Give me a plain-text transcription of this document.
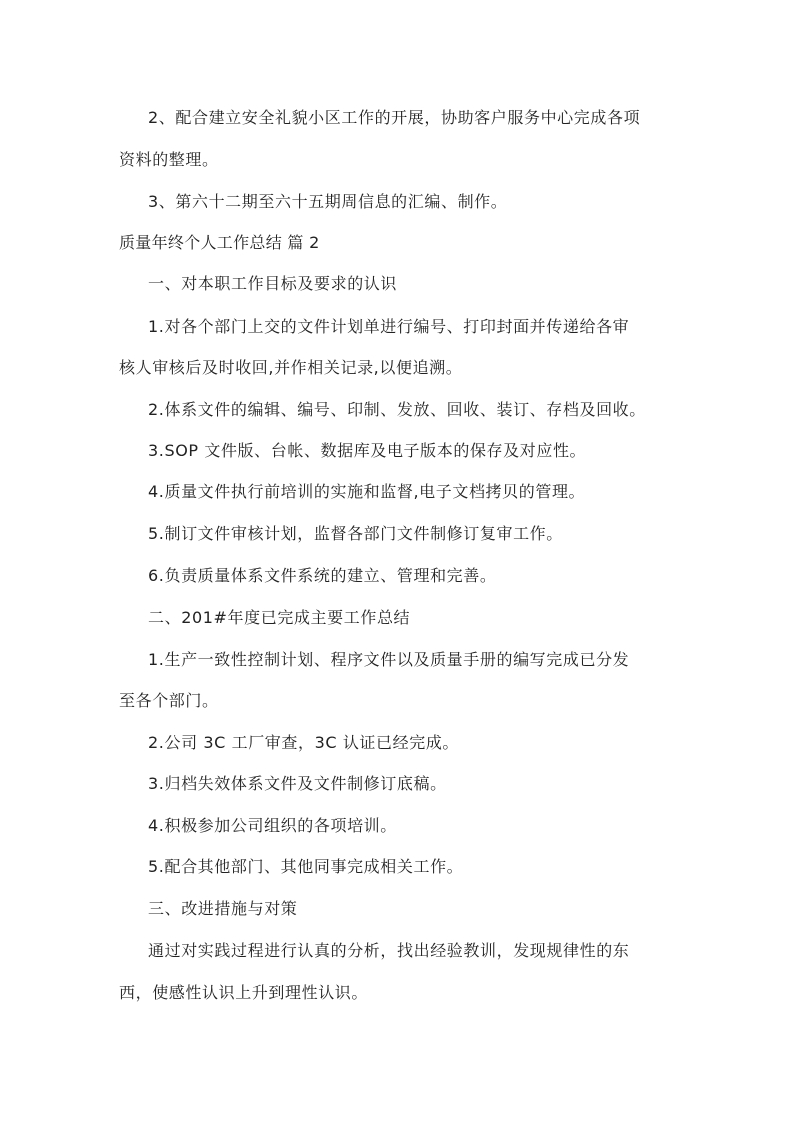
2、配合建立安全礼貌小区工作的开展，协助客户服务中心完成各项
资料的整理。
3、第六十二期至六十五期周信息的汇编、制作。
质量年终个人工作总结 篇 2
一、对本职工作目标及要求的认识
1.对各个部门上交的文件计划单进行编号、打印封面并传递给各审
核人审核后及时收回,并作相关记录,以便追溯。
2.体系文件的编辑、编号、印制、发放、回收、装订、存档及回收。
3.SOP 文件版、台帐、数据库及电子版本的保存及对应性。
4.质量文件执行前培训的实施和监督,电子文档拷贝的管理。
5.制订文件审核计划，监督各部门文件制修订复审工作。
6.负责质量体系文件系统的建立、管理和完善。
二、201#年度已完成主要工作总结
1.生产一致性控制计划、程序文件以及质量手册的编写完成已分发
至各个部门。
2.公司 3C 工厂审查，3C 认证已经完成。
3.归档失效体系文件及文件制修订底稿。
4.积极参加公司组织的各项培训。
5.配合其他部门、其他同事完成相关工作。
三、改进措施与对策
通过对实践过程进行认真的分析，找出经验教训，发现规律性的东
西，使感性认识上升到理性认识。
